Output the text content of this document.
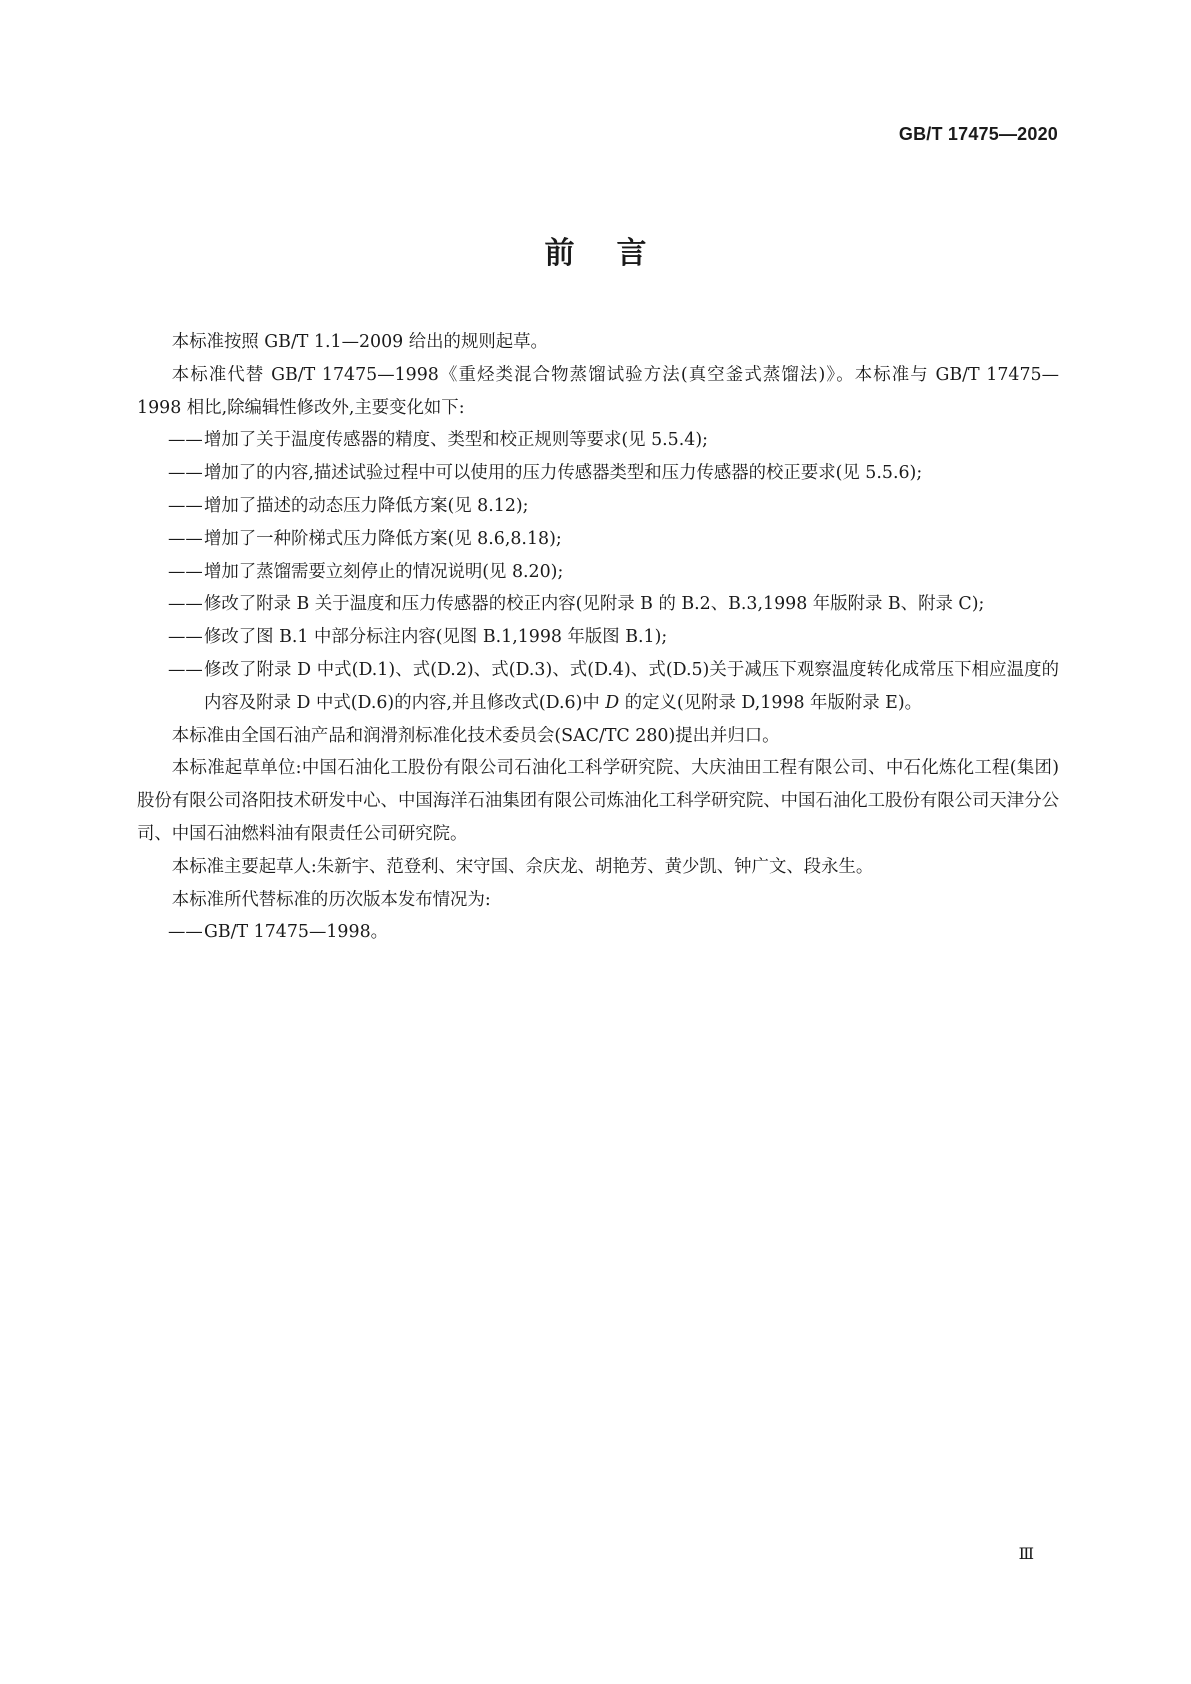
GB/T 17475—2020
前言

本标准按照 GB/T 1.1—2009 给出的规则起草。

本标准代替 GB/T 17475—1998《重烃类混合物蒸馏试验方法(真空釜式蒸馏法)》。本标准与 GB/T 17475—1998 相比,除编辑性修改外,主要变化如下:

——增加了关于温度传感器的精度、类型和校正规则等要求(见 5.5.4);

——增加了的内容,描述试验过程中可以使用的压力传感器类型和压力传感器的校正要求(见 5.5.6);

——增加了描述的动态压力降低方案(见 8.12);

——增加了一种阶梯式压力降低方案(见 8.6,8.18);

——增加了蒸馏需要立刻停止的情况说明(见 8.20);

——修改了附录 B 关于温度和压力传感器的校正内容(见附录 B 的 B.2、B.3,1998 年版附录 B、附录 C);

——修改了图 B.1 中部分标注内容(见图 B.1,1998 年版图 B.1);

——修改了附录 D 中式(D.1)、式(D.2)、式(D.3)、式(D.4)、式(D.5)关于减压下观察温度转化成常压下相应温度的内容及附录 D 中式(D.6)的内容,并且修改式(D.6)中 D 的定义(见附录 D,1998 年版附录 E)。

本标准由全国石油产品和润滑剂标准化技术委员会(SAC/TC 280)提出并归口。

本标准起草单位:中国石油化工股份有限公司石油化工科学研究院、大庆油田工程有限公司、中石化炼化工程(集团)股份有限公司洛阳技术研发中心、中国海洋石油集团有限公司炼油化工科学研究院、中国石油化工股份有限公司天津分公司、中国石油燃料油有限责任公司研究院。

本标准主要起草人:朱新宇、范登利、宋守国、佘庆龙、胡艳芳、黄少凯、钟广文、段永生。

本标准所代替标准的历次版本发布情况为:

——GB/T 17475—1998。

Ⅲ
